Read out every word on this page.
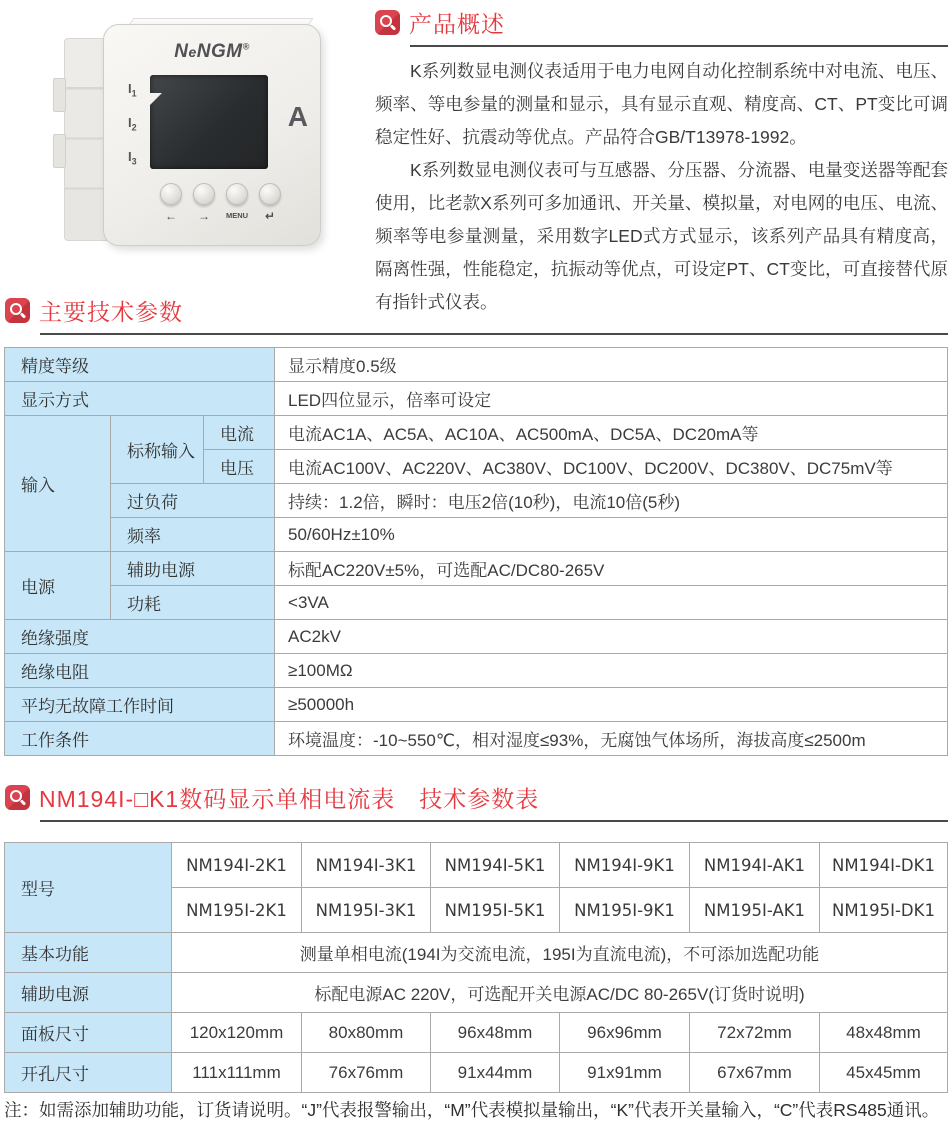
NeNGM®
$I_1$
$I_2$
$I_3$
A
←	→	MENU	↵
产品概述

K系列数显电测仪表适用于电力电网自动化控制系统中对电流、电压、频率、等电参量的测量和显示，具有显示直观、精度高、CT、PT变比可调稳定性好、抗震动等优点。产品符合GB/T13978-1992。

K系列数显电测仪表可与互感器、分压器、分流器、电量变送器等配套使用，比老款X系列可多加通讯、开关量、模拟量，对电网的电压、电流、频率等电参量测量，采用数字LED式方式显示，该系列产品具有精度高，隔离性强，性能稳定，抗振动等优点，可设定PT、CT变比，可直接替代原有指针式仪表。

主要技术参数
精度等级			显示精度0.5级
显示方式			LED四位显示，倍率可设定
输入	标称输入	电流	电流AC1A、AC5A、AC10A、AC500mA、DC5A、DC20mA等
		电压	电流AC100V、AC220V、AC380V、DC100V、DC200V、DC380V、DC75mV等
	过负荷		持续：1.2倍，瞬时：电压2倍(10秒)，电流10倍(5秒)
	频率		50/60Hz±10%
电源	辅助电源		标配AC220V±5%，可选配AC/DC80-265V
	功耗		<3VA
绝缘强度			AC2kV
绝缘电阻			≥100MΩ
平均无故障工作时间			≥50000h
工作条件			环境温度：-10~550℃，相对湿度≤93%，无腐蚀气体场所，海拔高度≤2500m
NM194I-□K1数码显示单相电流表　技术参数表
型号	NM194I-2K1	NM194I-3K1	NM194I-5K1	NM194I-9K1	NM194I-AK1	NM194I-DK1
	NM195I-2K1	NM195I-3K1	NM195I-5K1	NM195I-9K1	NM195I-AK1	NM195I-DK1
基本功能	测量单相电流(194I为交流电流，195I为直流电流)，不可添加选配功能					
辅助电源	标配电源AC 220V，可选配开关电源AC/DC 80-265V(订货时说明)					
面板尺寸	120x120mm	80x80mm	96x48mm	96x96mm	72x72mm	48x48mm
开孔尺寸	111x111mm	76x76mm	91x44mm	91x91mm	67x67mm	45x45mm

注：如需添加辅助功能，订货请说明。“J”代表报警输出，“M”代表模拟量输出，“K”代表开关量输入，“C”代表RS485通讯。
